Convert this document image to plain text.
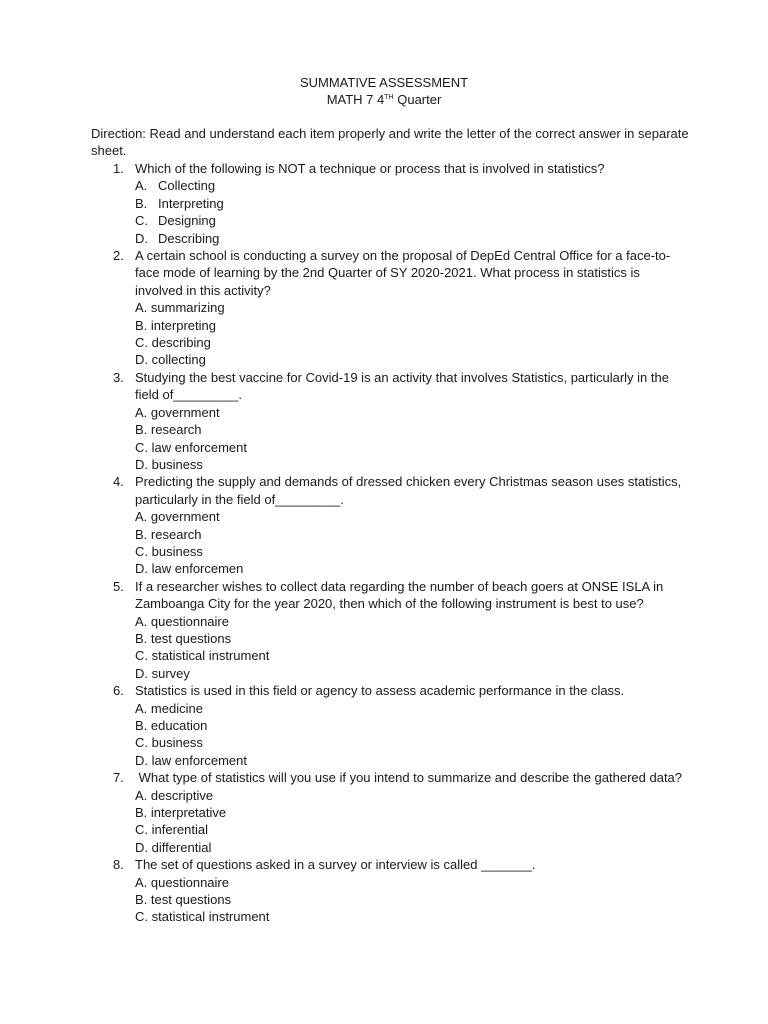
SUMMATIVE ASSESSMENT
MATH 7 4TH Quarter
Direction: Read and understand each item properly and write the letter of the correct answer in separate sheet.
1. Which of the following is NOT a technique or process that is involved in statistics?
A. Collecting
B. Interpreting
C. Designing
D. Describing
2. A certain school is conducting a survey on the proposal of DepEd Central Office for a face-to-face mode of learning by the 2nd Quarter of SY 2020-2021. What process in statistics is involved in this activity?
A. summarizing
B. interpreting
C. describing
D. collecting
3. Studying the best vaccine for Covid-19 is an activity that involves Statistics, particularly in the field of_________.
A. government
B. research
C. law enforcement
D. business
4. Predicting the supply and demands of dressed chicken every Christmas season uses statistics, particularly in the field of_________.
A. government
B. research
C. business
D. law enforcemen
5. If a researcher wishes to collect data regarding the number of beach goers at ONSE ISLA in Zamboanga City for the year 2020, then which of the following instrument is best to use?
A. questionnaire
B. test questions
C. statistical instrument
D. survey
6. Statistics is used in this field or agency to assess academic performance in the class.
A. medicine
B. education
C. business
D. law enforcement
7. What type of statistics will you use if you intend to summarize and describe the gathered data?
A. descriptive
B. interpretative
C. inferential
D. differential
8. The set of questions asked in a survey or interview is called _______.
A. questionnaire
B. test questions
C. statistical instrument
